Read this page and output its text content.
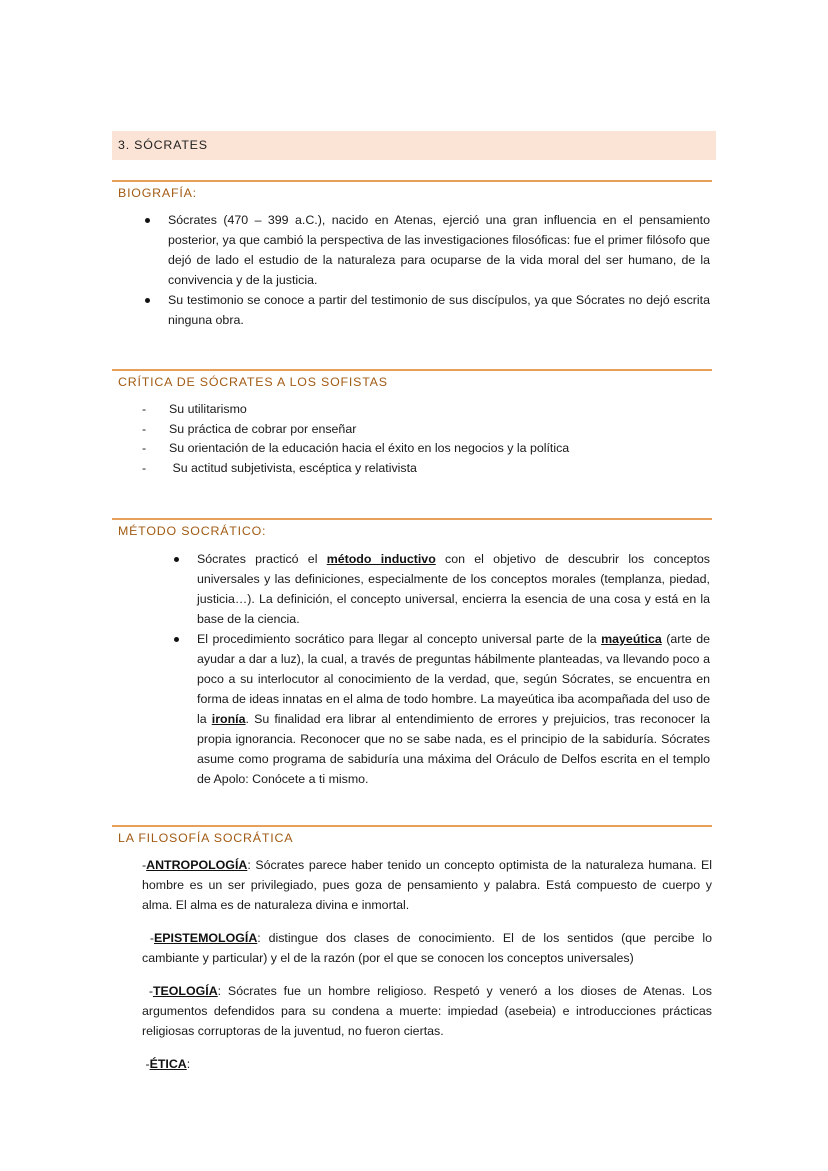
3. SÓCRATES
BIOGRAFÍA:
Sócrates (470 – 399 a.C.), nacido en Atenas, ejerció una gran influencia en el pensamiento posterior, ya que cambió la perspectiva de las investigaciones filosóficas: fue el primer filósofo que dejó de lado el estudio de la naturaleza para ocuparse de la vida moral del ser humano, de la convivencia y de la justicia.
Su testimonio se conoce a partir del testimonio de sus discípulos, ya que Sócrates no dejó escrita ninguna obra.
CRÍTICA DE SÓCRATES A LOS SOFISTAS
- Su utilitarismo
- Su práctica de cobrar por enseñar
- Su orientación de la educación hacia el éxito en los negocios y la política
- Su actitud subjetivista, escéptica y relativista
MÉTODO SOCRÁTICO:
Sócrates practicó el método inductivo con el objetivo de descubrir los conceptos universales y las definiciones, especialmente de los conceptos morales (templanza, piedad, justicia…). La definición, el concepto universal, encierra la esencia de una cosa y está en la base de la ciencia.
El procedimiento socrático para llegar al concepto universal parte de la mayeútica (arte de ayudar a dar a luz), la cual, a través de preguntas hábilmente planteadas, va llevando poco a poco a su interlocutor al conocimiento de la verdad, que, según Sócrates, se encuentra en forma de ideas innatas en el alma de todo hombre. La mayeútica iba acompañada del uso de la ironía. Su finalidad era librar al entendimiento de errores y prejuicios, tras reconocer la propia ignorancia. Reconocer que no se sabe nada, es el principio de la sabiduría. Sócrates asume como programa de sabiduría una máxima del Oráculo de Delfos escrita en el templo de Apolo: Conócete a ti mismo.
LA FILOSOFÍA SOCRÁTICA
-ANTROPOLOGÍA: Sócrates parece haber tenido un concepto optimista de la naturaleza humana. El hombre es un ser privilegiado, pues goza de pensamiento y palabra. Está compuesto de cuerpo y alma. El alma es de naturaleza divina e inmortal.
-EPISTEMOLOGÍA: distingue dos clases de conocimiento. El de los sentidos (que percibe lo cambiante y particular) y el de la razón (por el que se conocen los conceptos universales)
-TEOLOGÍA: Sócrates fue un hombre religioso. Respetó y veneró a los dioses de Atenas. Los argumentos defendidos para su condena a muerte: impiedad (asebeia) e introducciones prácticas religiosas corruptoras de la juventud, no fueron ciertas.
-ÉTICA:
